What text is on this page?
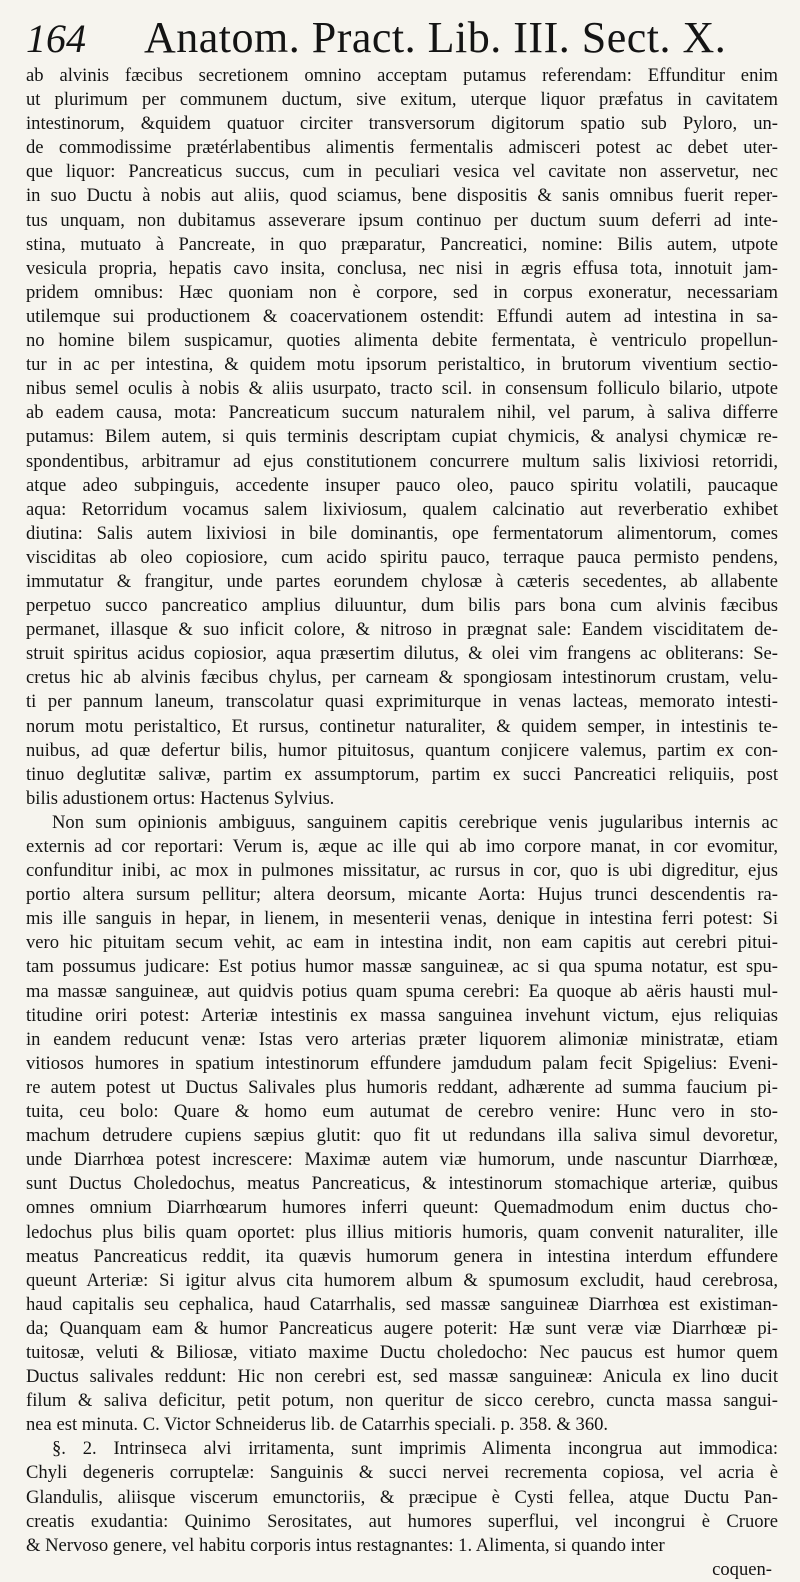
164	Anatom. Pract. Lib. III. Sect. X.
ab alvinis fæcibus secretionem omnino acceptam putamus referendam: Effunditur enim
ut plurimum per communem ductum, sive exitum, uterque liquor præfatus in cavitatem
intestinorum, &quidem quatuor circiter transversorum digitorum spatio sub Pyloro, un-
de commodissime prætérlabentibus alimentis fermentalis admisceri potest ac debet uter-
que liquor: Pancreaticus succus, cum in peculiari vesica vel cavitate non asservetur, nec
in suo Ductu à nobis aut aliis, quod sciamus, bene dispositis & sanis omnibus fuerit reper-
tus unquam, non dubitamus asseverare ipsum continuo per ductum suum deferri ad inte-
stina, mutuato à Pancreate, in quo præparatur, Pancreatici, nomine: Bilis autem, utpote
vesicula propria, hepatis cavo insita, conclusa, nec nisi in ægris effusa tota, innotuit jam-
pridem omnibus: Hæc quoniam non è corpore, sed in corpus exoneratur, necessariam
utilemque sui productionem & coacervationem ostendit: Effundi autem ad intestina in sa-
no homine bilem suspicamur, quoties alimenta debite fermentata, è ventriculo propellun-
tur in ac per intestina, & quidem motu ipsorum peristaltico, in brutorum viventium sectio-
nibus semel oculis à nobis & aliis usurpato, tracto scil. in consensum folliculo bilario, utpote
ab eadem causa, mota: Pancreaticum succum naturalem nihil, vel parum, à saliva differre
putamus: Bilem autem, si quis terminis descriptam cupiat chymicis, & analysi chymicæ re-
spondentibus, arbitramur ad ejus constitutionem concurrere multum salis lixiviosi retorridi,
atque adeo subpinguis, accedente insuper pauco oleo, pauco spiritu volatili, paucaque
aqua: Retorridum vocamus salem lixiviosum, qualem calcinatio aut reverberatio exhibet
diutina: Salis autem lixiviosi in bile dominantis, ope fermentatorum alimentorum, comes
visciditas ab oleo copiosiore, cum acido spiritu pauco, terraque pauca permisto pendens,
immutatur & frangitur, unde partes eorundem chylosæ à cæteris secedentes, ab allabente
perpetuo succo pancreatico amplius diluuntur, dum bilis pars bona cum alvinis fæcibus
permanet, illasque & suo inficit colore, & nitroso in prægnat sale: Eandem visciditatem de-
struit spiritus acidus copiosior, aqua præsertim dilutus, & olei vim frangens ac obliterans: Se-
cretus hic ab alvinis fæcibus chylus, per carneam & spongiosam intestinorum crustam, velu-
ti per pannum laneum, transcolatur quasi exprimiturque in venas lacteas, memorato intesti-
norum motu peristaltico, Et rursus, continetur naturaliter, & quidem semper, in intestinis te-
nuibus, ad quæ defertur bilis, humor pituitosus, quantum conjicere valemus, partim ex con-
tinuo deglutitæ salivæ, partim ex assumptorum, partim ex succi Pancreatici reliquiis, post
bilis adustionem ortus: Hactenus Sylvius.
Non sum opinionis ambiguus, sanguinem capitis cerebrique venis jugularibus internis ac
externis ad cor reportari: Verum is, æque ac ille qui ab imo corpore manat, in cor evomitur,
confunditur inibi, ac mox in pulmones missitatur, ac rursus in cor, quo is ubi digreditur, ejus
portio altera sursum pellitur; altera deorsum, micante Aorta: Hujus trunci descendentis ra-
mis ille sanguis in hepar, in lienem, in mesenterii venas, denique in intestina ferri potest: Si
vero hic pituitam secum vehit, ac eam in intestina indit, non eam capitis aut cerebri pitui-
tam possumus judicare: Est potius humor massæ sanguineæ, ac si qua spuma notatur, est spu-
ma massæ sanguineæ, aut quidvis potius quam spuma cerebri: Ea quoque ab aëris hausti mul-
titudine oriri potest: Arteriæ intestinis ex massa sanguinea invehunt victum, ejus reliquias
in eandem reducunt venæ: Istas vero arterias præter liquorem alimoniæ ministratæ, etiam
vitiosos humores in spatium intestinorum effundere jamdudum palam fecit Spigelius: Eveni-
re autem potest ut Ductus Salivales plus humoris reddant, adhærente ad summa faucium pi-
tuita, ceu bolo: Quare & homo eum autumat de cerebro venire: Hunc vero in sto-
machum detrudere cupiens sæpius glutit: quo fit ut redundans illa saliva simul devoretur,
unde Diarrhœa potest increscere: Maximæ autem viæ humorum, unde nascuntur Diarrhœæ,
sunt Ductus Choledochus, meatus Pancreaticus, & intestinorum stomachique arteriæ, quibus
omnes omnium Diarrhœarum humores inferri queunt: Quemadmodum enim ductus cho-
ledochus plus bilis quam oportet: plus illius mitioris humoris, quam convenit naturaliter, ille
meatus Pancreaticus reddit, ita quævis humorum genera in intestina interdum effundere
queunt Arteriæ: Si igitur alvus cita humorem album & spumosum excludit, haud cerebrosa,
haud capitalis seu cephalica, haud Catarrhalis, sed massæ sanguineæ Diarrhœa est existiman-
da; Quanquam eam & humor Pancreaticus augere poterit: Hæ sunt veræ viæ Diarrhœæ pi-
tuitosæ, veluti & Biliosæ, vitiato maxime Ductu choledocho: Nec paucus est humor quem
Ductus salivales reddunt: Hic non cerebri est, sed massæ sanguineæ: Anicula ex lino ducit
filum & saliva deficitur, petit potum, non queritur de sicco cerebro, cuncta massa sangui-
nea est minuta. C. Victor Schneiderus lib. de Catarrhis speciali. p. 358. & 360.
§. 2. Intrinseca alvi irritamenta, sunt imprimis Alimenta incongrua aut immodica:
Chyli degeneris corruptelæ: Sanguinis & succi nervei recrementa copiosa, vel acria è
Glandulis, aliisque viscerum emunctoriis, & præcipue è Cysti fellea, atque Ductu Pan-
creatis exudantia: Quinimo Serositates, aut humores superflui, vel incongrui è Cruore
& Nervoso genere, vel habitu corporis intus restagnantes: 1. Alimenta, si quando inter
coquen-
